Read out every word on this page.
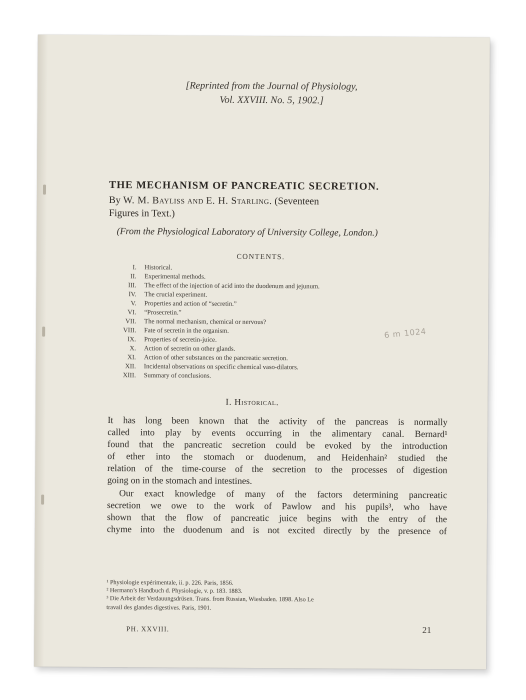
[Reprinted from the Journal of Physiology,
Vol. XXVIII. No. 5, 1902.]
THE MECHANISM OF PANCREATIC SECRETION.
By W. M. Bayliss and E. H. Starling. (Seventeen
Figures in Text.)
(From the Physiological Laboratory of University College, London.)
CONTENTS.
I.	Historical.
II.	Experimental methods.
III.	The effect of the injection of acid into the duodenum and jejunum.
IV.	The crucial experiment.
V.	Properties and action of “secretin.”
VI.	“Prosecretin.”
VII.	The normal mechanism, chemical or nervous?
VIII.	Fate of secretin in the organism.
IX.	Properties of secretin-juice.
X.	Action of secretin on other glands.
XI.	Action of other substances on the pancreatic secretion.
XII.	Incidental observations on specific chemical vaso-dilators.
XIII.	Summary of conclusions.
6 m 1024
I. Historical.
It has long been known that the activity of the pancreas is normally
called into play by events occurring in the alimentary canal. Bernard¹
found that the pancreatic secretion could be evoked by the introduction
of ether into the stomach or duodenum, and Heidenhain² studied the
relation of the time-course of the secretion to the processes of digestion
going on in the stomach and intestines.
Our exact knowledge of many of the factors determining pancreatic
secretion we owe to the work of Pawlow and his pupils³, who have
shown that the flow of pancreatic juice begins with the entry of the
chyme into the duodenum and is not excited directly by the presence of
¹ Physiologie expérimentale, ii. p. 226. Paris, 1856.
² Hermann’s Handbuch d. Physiologie, v. p. 183. 1883.
³ Die Arbeit der Verdauungsdrüsen. Trans. from Russian, Wiesbaden. 1898. Also Le
travail des glandes digestives. Paris, 1901.
PH. XXVIII.	21
